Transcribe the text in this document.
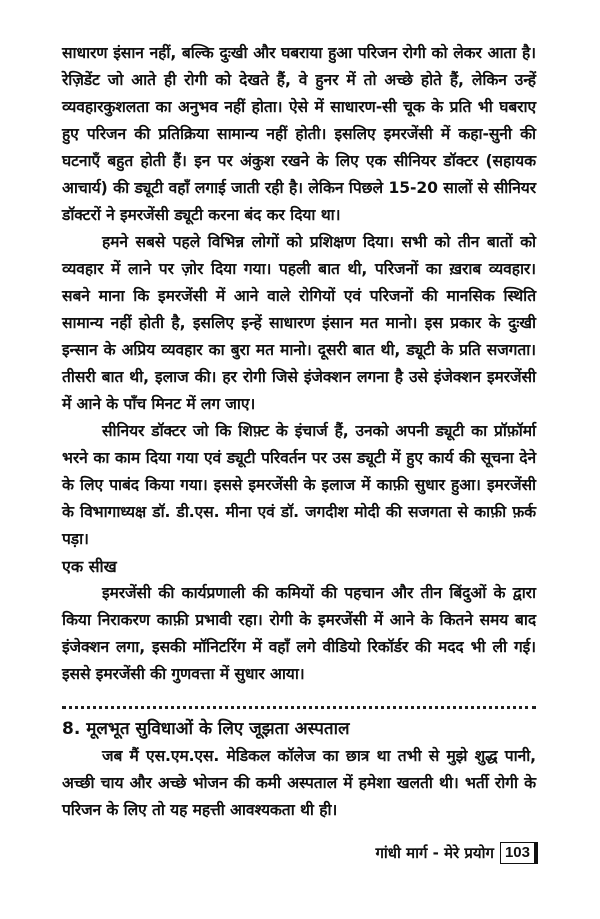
साधारण इंसान नहीं, बल्कि दुःखी और घबराया हुआ परिजन रोगी को लेकर आता है। रेज़िडेंट जो आते ही रोगी को देखते हैं, वे हुनर में तो अच्छे होते हैं, लेकिन उन्हें व्यवहारकुशलता का अनुभव नहीं होता। ऐसे में साधारण-सी चूक के प्रति भी घबराए हुए परिजन की प्रतिक्रिया सामान्य नहीं होती। इसलिए इमरजेंसी में कहा-सुनी की घटनाएँ बहुत होती हैं। इन पर अंकुश रखने के लिए एक सीनियर डॉक्टर (सहायक आचार्य) की ड्यूटी वहाँ लगाई जाती रही है। लेकिन पिछले 15-20 सालों से सीनियर डॉक्टरों ने इमरजेंसी ड्यूटी करना बंद कर दिया था।

हमने सबसे पहले विभिन्न लोगों को प्रशिक्षण दिया। सभी को तीन बातों को व्यवहार में लाने पर ज़ोर दिया गया। पहली बात थी, परिजनों का ख़राब व्यवहार। सबने माना कि इमरजेंसी में आने वाले रोगियों एवं परिजनों की मानसिक स्थिति सामान्य नहीं होती है, इसलिए इन्हें साधारण इंसान मत मानो। इस प्रकार के दुःखी इन्सान के अप्रिय व्यवहार का बुरा मत मानो। दूसरी बात थी, ड्यूटी के प्रति सजगता। तीसरी बात थी, इलाज की। हर रोगी जिसे इंजेक्शन लगना है उसे इंजेक्शन इमरजेंसी में आने के पाँच मिनट में लग जाए।

सीनियर डॉक्टर जो कि शिफ़्ट के इंचार्ज हैं, उनको अपनी ड्यूटी का प्रॉफ़ॉर्मा भरने का काम दिया गया एवं ड्यूटी परिवर्तन पर उस ड्यूटी में हुए कार्य की सूचना देने के लिए पाबंद किया गया। इससे इमरजेंसी के इलाज में काफ़ी सुधार हुआ। इमरजेंसी के विभागाध्यक्ष डॉ. डी.एस. मीना एवं डॉ. जगदीश मोदी की सजगता से काफ़ी फ़र्क पड़ा।

एक सीख

इमरजेंसी की कार्यप्रणाली की कमियों की पहचान और तीन बिंदुओं के द्वारा किया निराकरण काफ़ी प्रभावी रहा। रोगी के इमरजेंसी में आने के कितने समय बाद इंजेक्शन लगा, इसकी मॉनिटरिंग में वहाँ लगे वीडियो रिकॉर्डर की मदद भी ली गई। इससे इमरजेंसी की गुणवत्ता में सुधार आया।

8. मूलभूत सुविधाओं के लिए जूझता अस्पताल

जब मैं एस.एम.एस. मेडिकल कॉलेज का छात्र था तभी से मुझे शुद्ध पानी, अच्छी चाय और अच्छे भोजन की कमी अस्पताल में हमेशा खलती थी। भर्ती रोगी के परिजन के लिए तो यह महत्ती आवश्यकता थी ही।

गांधी मार्ग - मेरे प्रयोग 103
